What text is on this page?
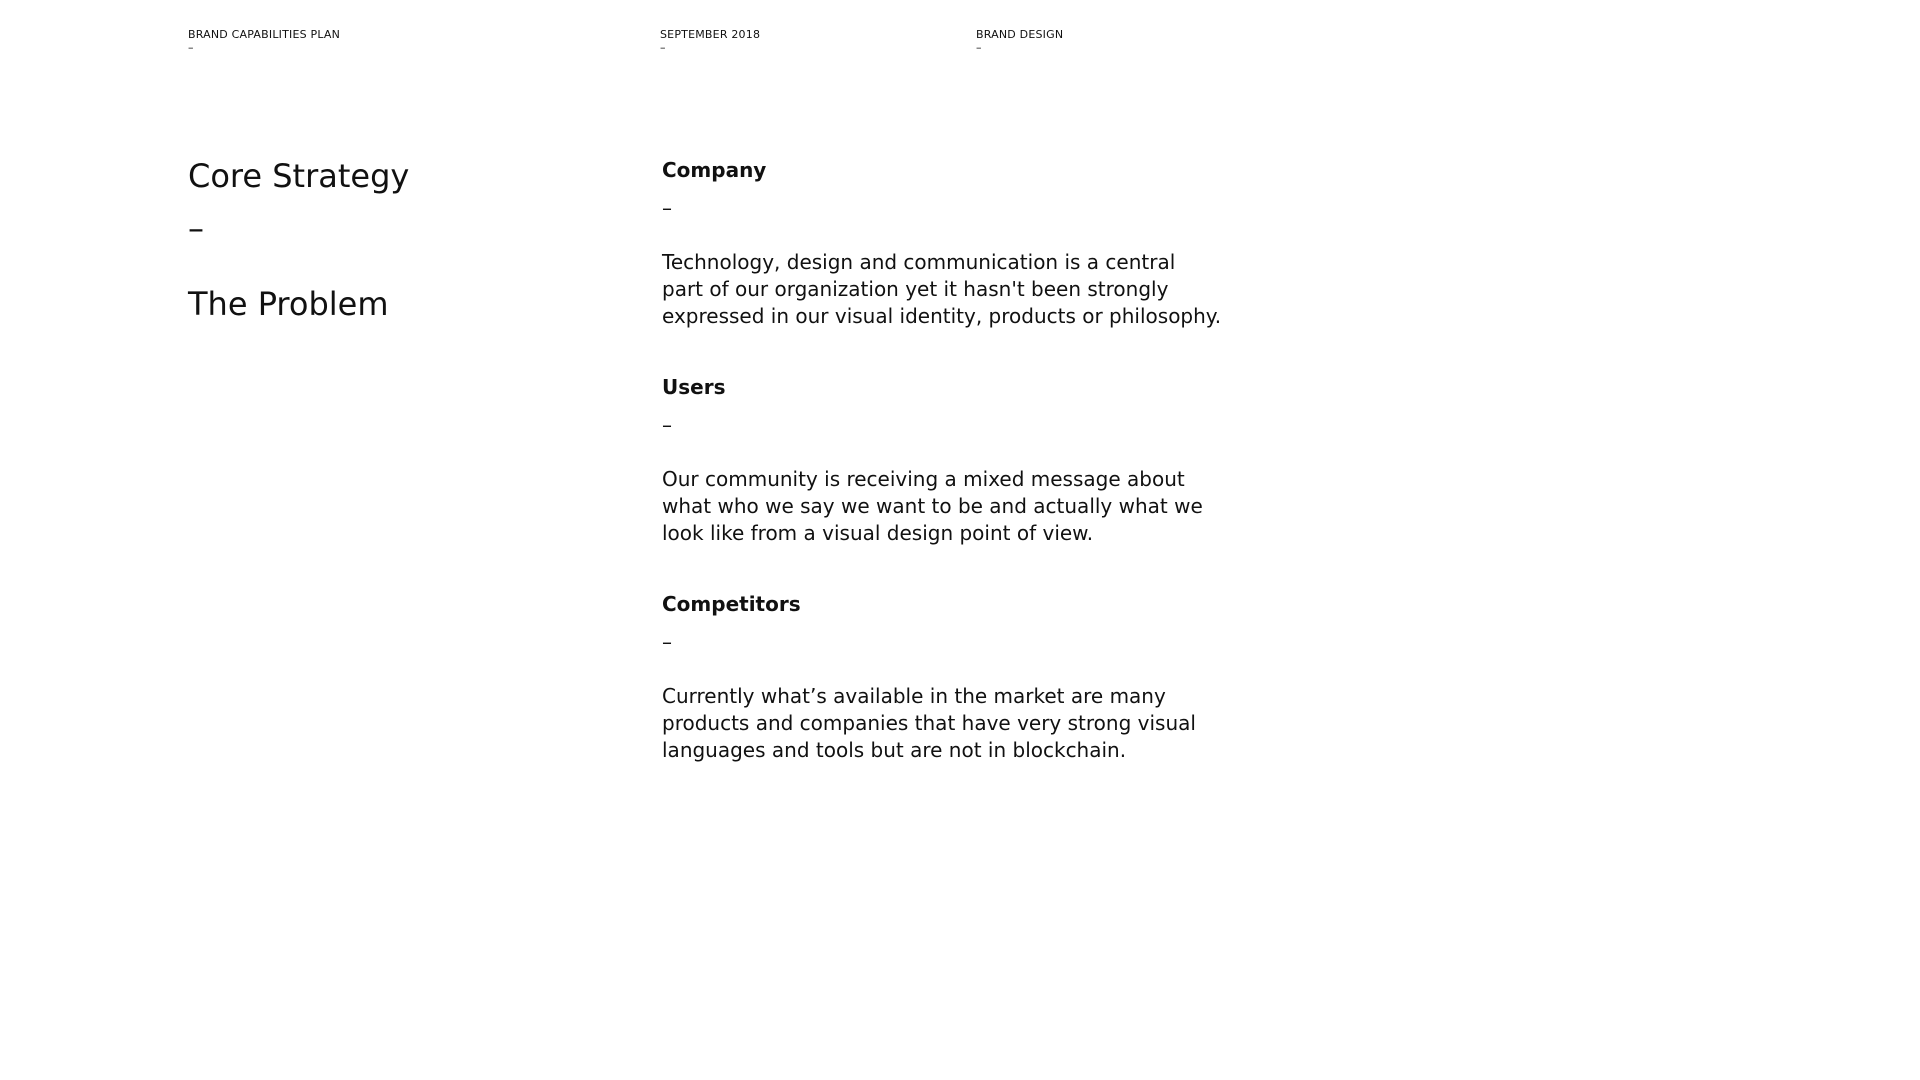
BRAND CAPABILITIES PLAN
–
SEPTEMBER 2018
–
BRAND DESIGN
–
Core Strategy
–
The Problem
Company
–

Technology, design and communication is a central part of our organization yet it hasn't been strongly expressed in our visual identity, products or philosophy.

Users
–

Our community is receiving a mixed message about what who we say we want to be and actually what we look like from a visual design point of view.

Competitors
–

Currently what’s available in the market are many products and companies that have very strong visual languages and tools but are not in blockchain.
